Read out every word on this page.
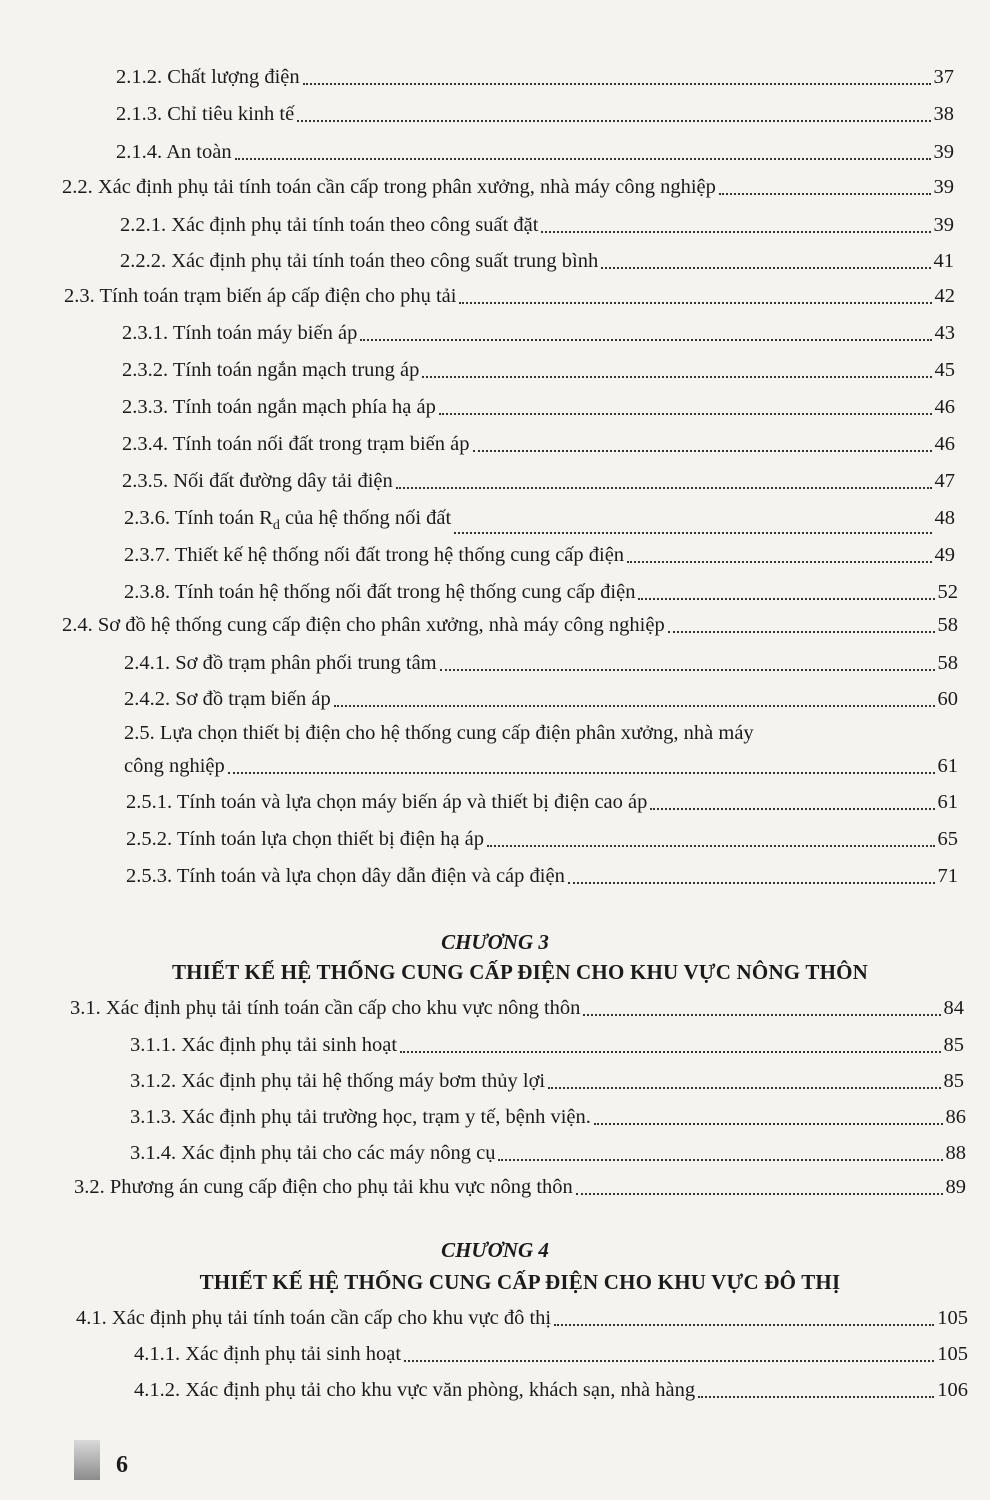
2.1.2. Chất lượng điện	37
2.1.3. Chỉ tiêu kinh tế	38
2.1.4. An toàn	39
2.2. Xác định phụ tải tính toán cần cấp trong phân xưởng, nhà máy công nghiệp	39
2.2.1. Xác định phụ tải tính toán theo công suất đặt	39
2.2.2. Xác định phụ tải tính toán theo công suất trung bình	41
2.3. Tính toán trạm biến áp cấp điện cho phụ tải	42
2.3.1. Tính toán máy biến áp	43
2.3.2. Tính toán ngắn mạch trung áp	45
2.3.3. Tính toán ngắn mạch phía hạ áp	46
2.3.4. Tính toán nối đất trong trạm biến áp	46
2.3.5. Nối đất đường dây tải điện	47
2.3.6. Tính toán $R_d$ của hệ thống nối đất	48
2.3.7. Thiết kế hệ thống nối đất trong hệ thống cung cấp điện	49
2.3.8. Tính toán hệ thống nối đất trong hệ thống cung cấp điện	52
2.4. Sơ đồ hệ thống cung cấp điện cho phân xưởng, nhà máy công nghiệp	58
2.4.1. Sơ đồ trạm phân phối trung tâm	58
2.4.2. Sơ đồ trạm biến áp	60
2.5. Lựa chọn thiết bị điện cho hệ thống cung cấp điện phân xưởng, nhà máy
công nghiệp	61
2.5.1. Tính toán và lựa chọn máy biến áp và thiết bị điện cao áp	61
2.5.2. Tính toán lựa chọn thiết bị điện hạ áp	65
2.5.3. Tính toán và lựa chọn dây dẫn điện và cáp điện	71
CHƯƠNG 3
THIẾT KẾ HỆ THỐNG CUNG CẤP ĐIỆN CHO KHU VỰC NÔNG THÔN
3.1. Xác định phụ tải tính toán cần cấp cho khu vực nông thôn	84
3.1.1. Xác định phụ tải sinh hoạt	85
3.1.2. Xác định phụ tải hệ thống máy bơm thủy lợi	85
3.1.3. Xác định phụ tải trường học, trạm y tế, bệnh viện.	86
3.1.4. Xác định phụ tải cho các máy nông cụ	88
3.2. Phương án cung cấp điện cho phụ tải khu vực nông thôn	89
CHƯƠNG 4
THIẾT KẾ HỆ THỐNG CUNG CẤP ĐIỆN CHO KHU VỰC ĐÔ THỊ
4.1. Xác định phụ tải tính toán cần cấp cho khu vực đô thị	105
4.1.1. Xác định phụ tải sinh hoạt	105
4.1.2. Xác định phụ tải cho khu vực văn phòng, khách sạn, nhà hàng	106
6
